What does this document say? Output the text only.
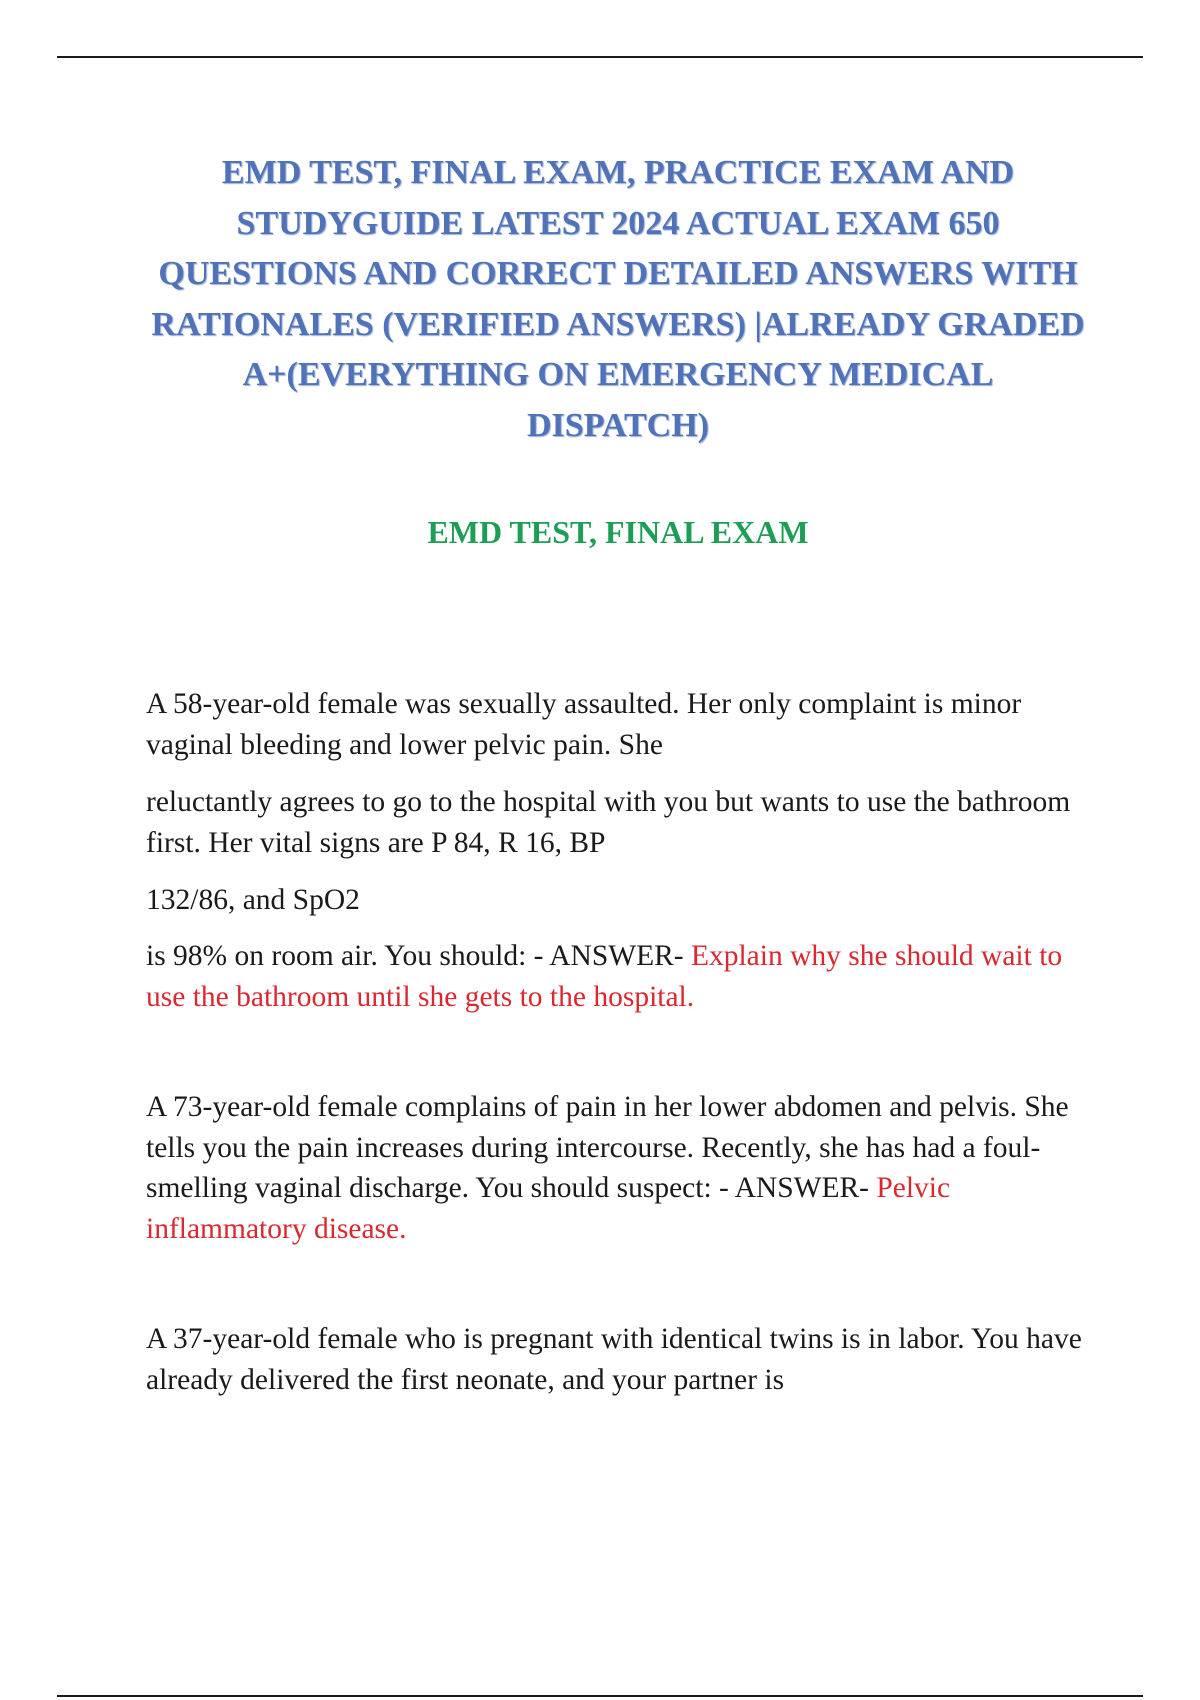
EMD TEST, FINAL EXAM, PRACTICE EXAM AND STUDYGUIDE LATEST 2024 ACTUAL EXAM 650 QUESTIONS AND CORRECT DETAILED ANSWERS WITH RATIONALES (VERIFIED ANSWERS) |ALREADY GRADED A+(EVERYTHING ON EMERGENCY MEDICAL DISPATCH)
EMD TEST, FINAL EXAM

A 58-year-old female was sexually assaulted. Her only complaint is minor vaginal bleeding and lower pelvic pain. She

reluctantly agrees to go to the hospital with you but wants to use the bathroom first. Her vital signs are P 84, R 16, BP

132/86, and SpO2

is 98% on room air. You should: - ANSWER- Explain why she should wait to use the bathroom until she gets to the hospital.

A 73-year-old female complains of pain in her lower abdomen and pelvis. She tells you the pain increases during intercourse. Recently, she has had a foul-smelling vaginal discharge. You should suspect: - ANSWER- Pelvic inflammatory disease.

A 37-year-old female who is pregnant with identical twins is in labor. You have already delivered the first neonate, and your partner is
